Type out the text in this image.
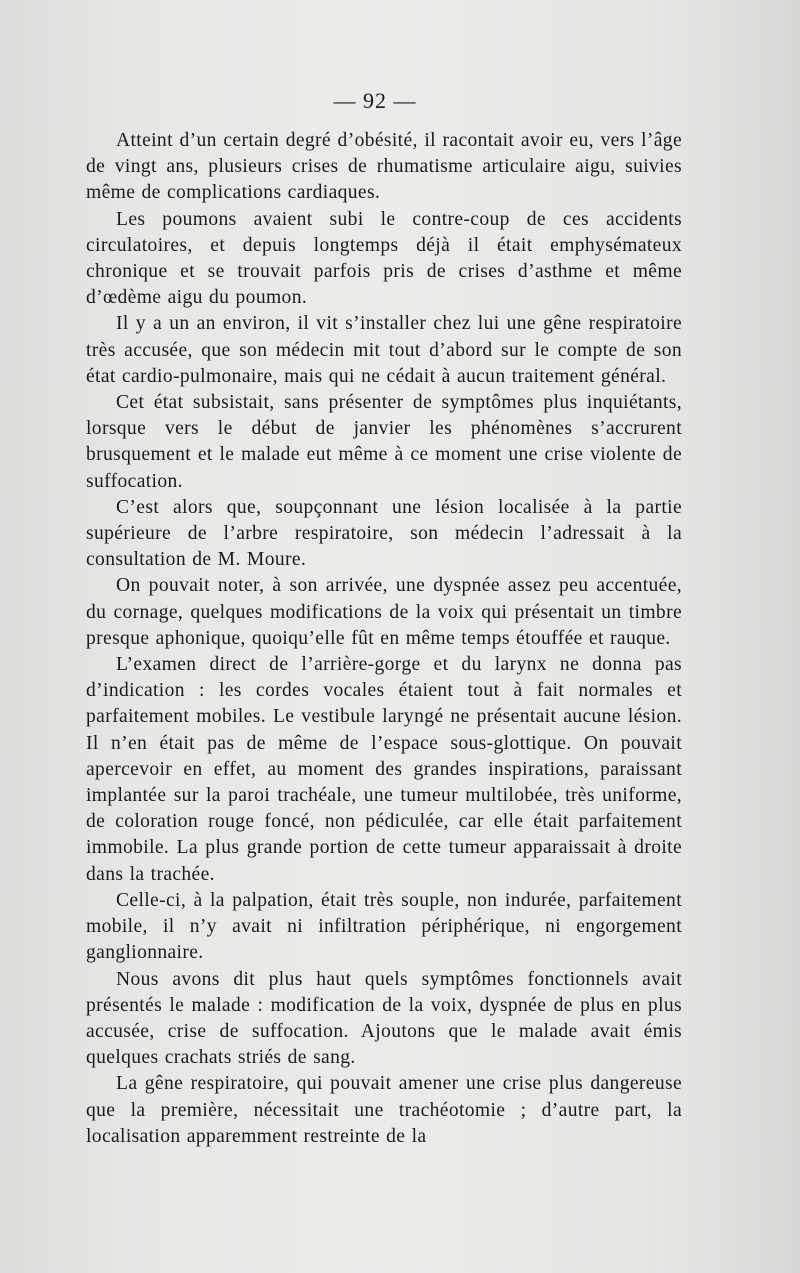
— 92 —

Atteint d’un certain degré d’obésité, il racontait avoir eu, vers l’âge de vingt ans, plusieurs crises de rhumatisme articulaire aigu, suivies même de complications cardiaques.

Les poumons avaient subi le contre-coup de ces accidents circulatoires, et depuis longtemps déjà il était emphysémateux chronique et se trouvait parfois pris de crises d’asthme et même d’œdème aigu du poumon.

Il y a un an environ, il vit s’installer chez lui une gêne respiratoire très accusée, que son médecin mit tout d’abord sur le compte de son état cardio-pulmonaire, mais qui ne cédait à aucun traitement général.

Cet état subsistait, sans présenter de symptômes plus inquiétants, lorsque vers le début de janvier les phénomènes s’accrurent brusquement et le malade eut même à ce moment une crise violente de suffocation.

C’est alors que, soupçonnant une lésion localisée à la partie supérieure de l’arbre respiratoire, son médecin l’adressait à la consultation de M. Moure.

On pouvait noter, à son arrivée, une dyspnée assez peu accentuée, du cornage, quelques modifications de la voix qui présentait un timbre presque aphonique, quoiqu’elle fût en même temps étouffée et rauque.

L’examen direct de l’arrière-gorge et du larynx ne donna pas d’indication : les cordes vocales étaient tout à fait normales et parfaitement mobiles. Le vestibule laryngé ne présentait aucune lésion. Il n’en était pas de même de l’espace sous-glottique. On pouvait apercevoir en effet, au moment des grandes inspirations, paraissant implantée sur la paroi trachéale, une tumeur multilobée, très uniforme, de coloration rouge foncé, non pédiculée, car elle était parfaitement immobile. La plus grande portion de cette tumeur apparaissait à droite dans la trachée.

Celle-ci, à la palpation, était très souple, non indurée, parfaitement mobile, il n’y avait ni infiltration périphérique, ni engorgement ganglionnaire.

Nous avons dit plus haut quels symptômes fonctionnels avait présentés le malade : modification de la voix, dyspnée de plus en plus accusée, crise de suffocation. Ajoutons que le malade avait émis quelques crachats striés de sang.

La gêne respiratoire, qui pouvait amener une crise plus dangereuse que la première, nécessitait une trachéotomie ; d’autre part, la localisation apparemment restreinte de la
